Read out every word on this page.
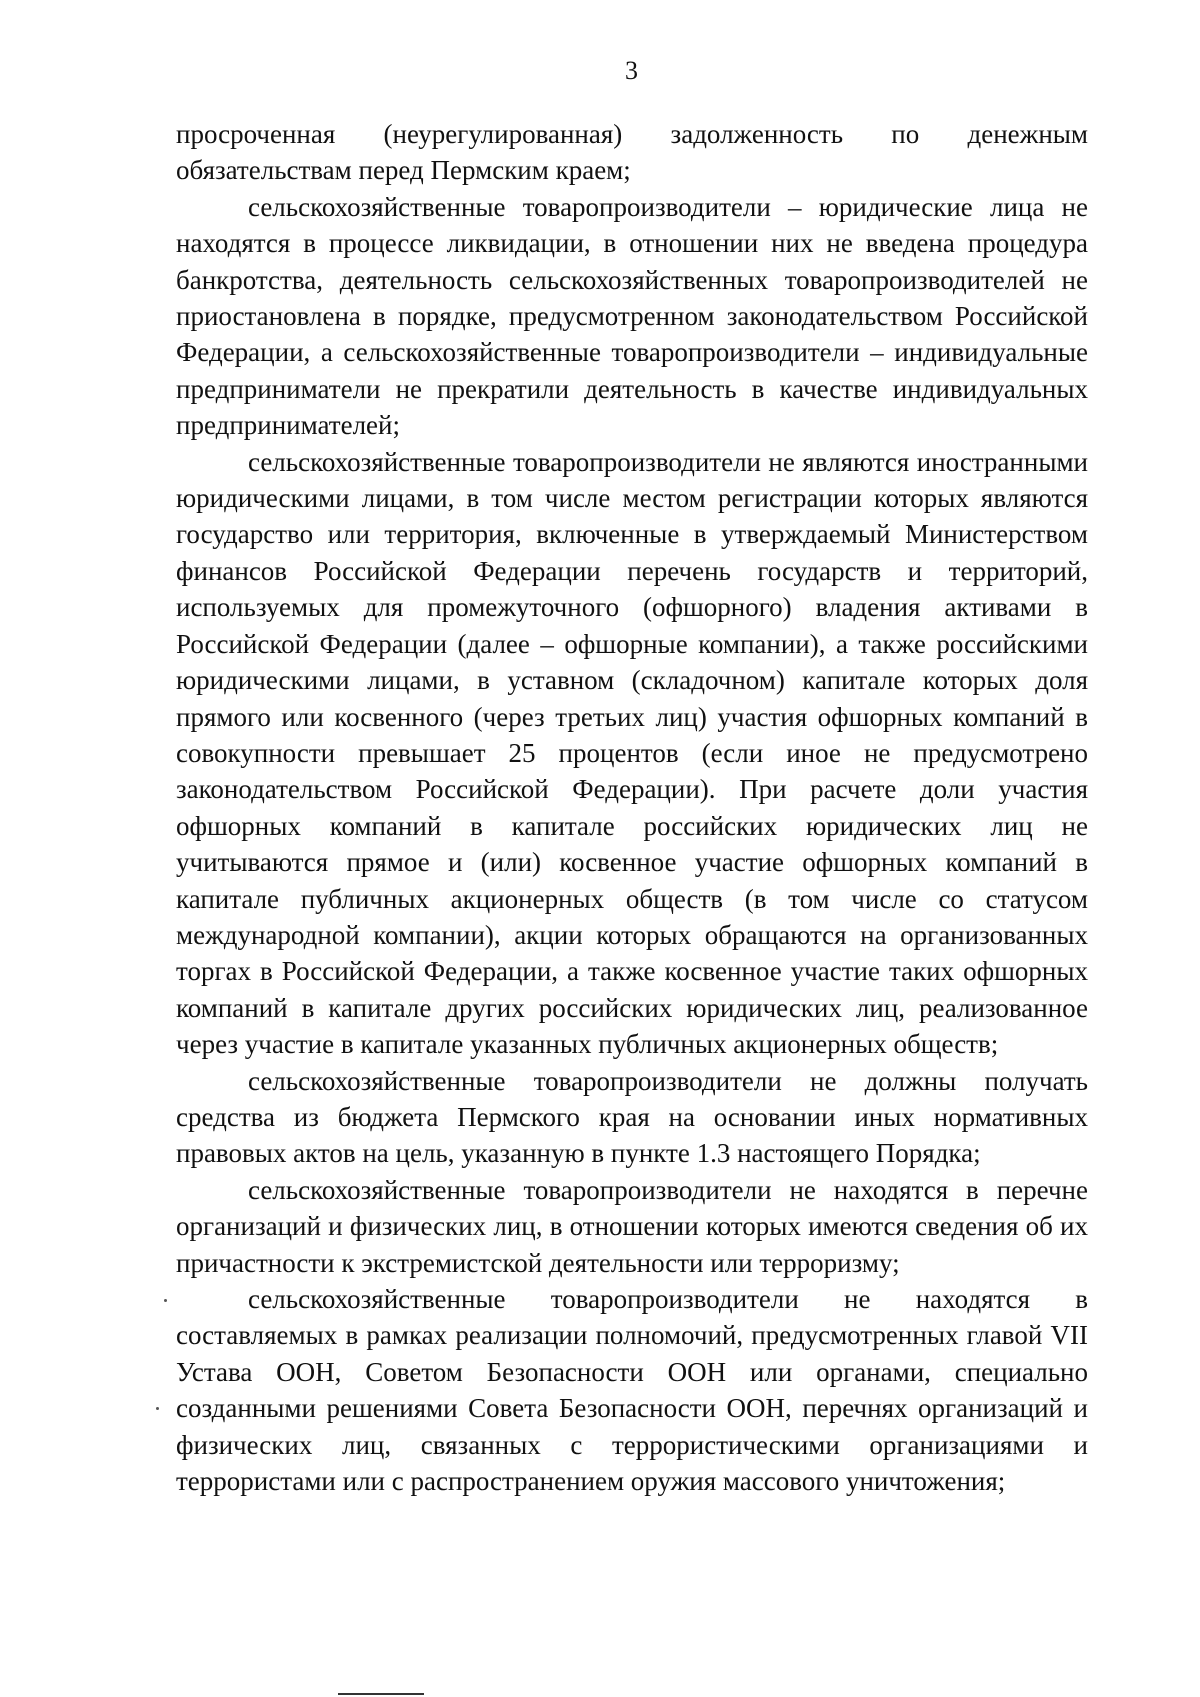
3

просроченная (неурегулированная) задолженность по денежным обязательствам перед Пермским краем;

сельскохозяйственные товаропроизводители – юридические лица не находятся в процессе ликвидации, в отношении них не введена процедура банкротства, деятельность сельскохозяйственных товаропроизводителей не приостановлена в порядке, предусмотренном законодательством Российской Федерации, а сельскохозяйственные товаропроизводители – индивидуальные предприниматели не прекратили деятельность в качестве индивидуальных предпринимателей;

сельскохозяйственные товаропроизводители не являются иностранными юридическими лицами, в том числе местом регистрации которых являются государство или территория, включенные в утверждаемый Министерством финансов Российской Федерации перечень государств и территорий, используемых для промежуточного (офшорного) владения активами в Российской Федерации (далее – офшорные компании), а также российскими юридическими лицами, в уставном (складочном) капитале которых доля прямого или косвенного (через третьих лиц) участия офшорных компаний в совокупности превышает 25 процентов (если иное не предусмотрено законодательством Российской Федерации). При расчете доли участия офшорных компаний в капитале российских юридических лиц не учитываются прямое и (или) косвенное участие офшорных компаний в капитале публичных акционерных обществ (в том числе со статусом международной компании), акции которых обращаются на организованных торгах в Российской Федерации, а также косвенное участие таких офшорных компаний в капитале других российских юридических лиц, реализованное через участие в капитале указанных публичных акционерных обществ;

сельскохозяйственные товаропроизводители не должны получать средства из бюджета Пермского края на основании иных нормативных правовых актов на цель, указанную в пункте 1.3 настоящего Порядка;

сельскохозяйственные товаропроизводители не находятся в перечне организаций и физических лиц, в отношении которых имеются сведения об их причастности к экстремистской деятельности или терроризму;

сельскохозяйственные товаропроизводители не находятся в составляемых в рамках реализации полномочий, предусмотренных главой VII Устава ООН, Советом Безопасности ООН или органами, специально созданными решениями Совета Безопасности ООН, перечнях организаций и физических лиц, связанных с террористическими организациями и террористами или с распространением оружия массового уничтожения;
